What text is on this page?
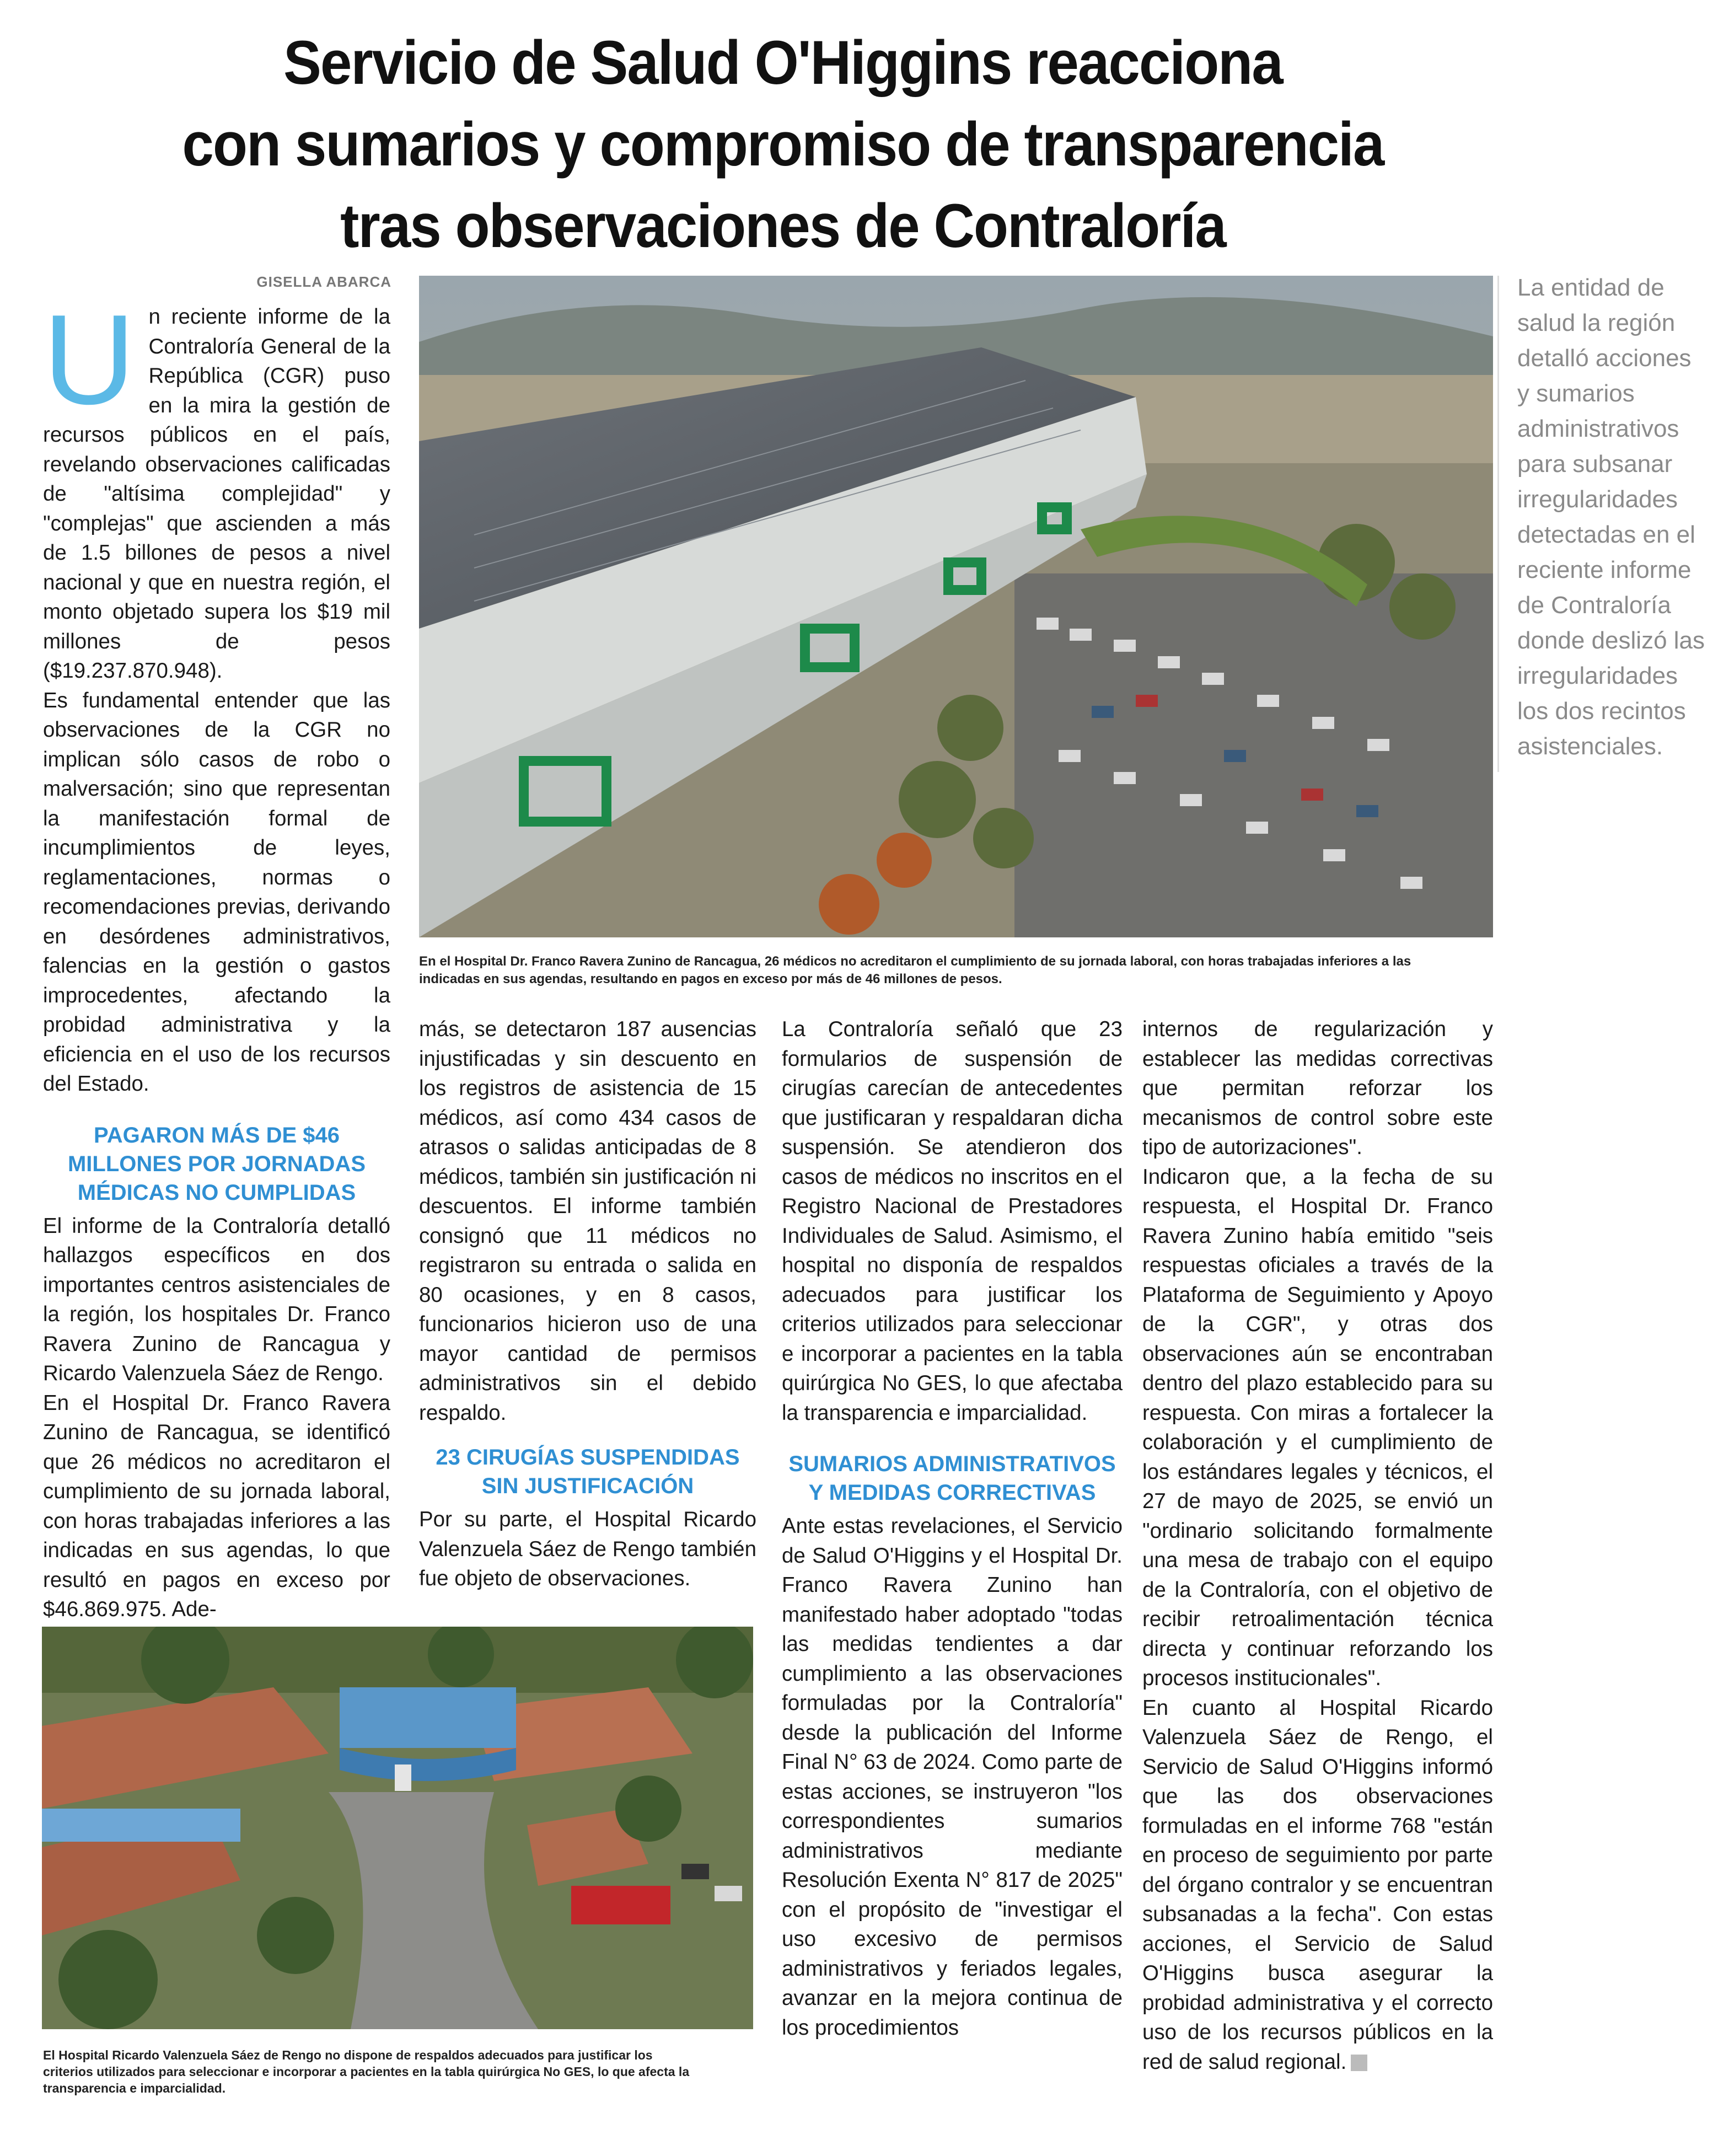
Servicio de Salud O'Higgins reacciona
con sumarios y compromiso de transparencia
tras observaciones de Contraloría
GISELLA ABARCA
En el Hospital Dr. Franco Ravera Zunino de Rancagua, 26 médicos no acreditaron el cumplimiento de su jornada laboral, con horas trabajadas inferiores a las indicadas en sus agendas, resultando en pagos en exceso por más de 46 millones de pesos.
La entidad de salud la región detalló acciones y sumarios administrativos para subsanar irregularidades detectadas en el reciente informe de Contraloría donde deslizó las irregularidades los dos recintos asistenciales.
U n reciente informe de la Contraloría General de la República (CGR) puso en la mira la gestión de recursos públicos en el país, revelando observaciones calificadas de "altísima complejidad" y "complejas" que ascienden a más de 1.5 billones de pesos a nivel nacional y que en nuestra región, el monto objetado supera los $19 mil millones de pesos ($19.237.870.948).

Es fundamental entender que las observaciones de la CGR no implican sólo casos de robo o malversación; sino que representan la manifestación formal de incumplimientos de leyes, reglamentaciones, normas o recomendaciones previas, derivando en desórdenes administrativos, falencias en la gestión o gastos improcedentes, afectando la probidad administrativa y la eficiencia en el uso de los recursos del Estado.

PAGARON MÁS DE $46 MILLONES POR JORNADAS MÉDICAS NO CUMPLIDAS

El informe de la Contraloría detalló hallazgos específicos en dos importantes centros asistenciales de la región, los hospitales Dr. Franco Ravera Zunino de Rancagua y Ricardo Valenzuela Sáez de Rengo.

En el Hospital Dr. Franco Ravera Zunino de Rancagua, se identificó que 26 médicos no acreditaron el cumplimiento de su jornada laboral, con horas trabajadas inferiores a las indicadas en sus agendas, lo que resultó en pagos en exceso por $46.869.975. Ade-

más, se detectaron 187 ausencias injustificadas y sin descuento en los registros de asistencia de 15 médicos, así como 434 casos de atrasos o salidas anticipadas de 8 médicos, también sin justificación ni descuentos. El informe también consignó que 11 médicos no registraron su entrada o salida en 80 ocasiones, y en 8 casos, funcionarios hicieron uso de una mayor cantidad de permisos administrativos sin el debido respaldo.

23 CIRUGÍAS SUSPENDIDAS SIN JUSTIFICACIÓN

Por su parte, el Hospital Ricardo Valenzuela Sáez de Rengo también fue objeto de observaciones.

La Contraloría señaló que 23 formularios de suspensión de cirugías carecían de antecedentes que justificaran y respaldaran dicha suspensión. Se atendieron dos casos de médicos no inscritos en el Registro Nacional de Prestadores Individuales de Salud. Asimismo, el hospital no disponía de respaldos adecuados para justificar los criterios utilizados para seleccionar e incorporar a pacientes en la tabla quirúrgica No GES, lo que afectaba la transparencia e imparcialidad.

SUMARIOS ADMINISTRATIVOS Y MEDIDAS CORRECTIVAS

Ante estas revelaciones, el Servicio de Salud O'Higgins y el Hospital Dr. Franco Ravera Zunino han manifestado haber adoptado "todas las medidas tendientes a dar cumplimiento a las observaciones formuladas por la Contraloría" desde la publicación del Informe Final N° 63 de 2024. Como parte de estas acciones, se instruyeron "los correspondientes sumarios administrativos mediante Resolución Exenta N° 817 de 2025" con el propósito de "investigar el uso excesivo de permisos administrativos y feriados legales, avanzar en la mejora continua de los procedimientos

internos de regularización y establecer las medidas correctivas que permitan reforzar los mecanismos de control sobre este tipo de autorizaciones".

Indicaron que, a la fecha de su respuesta, el Hospital Dr. Franco Ravera Zunino había emitido "seis respuestas oficiales a través de la Plataforma de Seguimiento y Apoyo de la CGR", y otras dos observaciones aún se encontraban dentro del plazo establecido para su respuesta. Con miras a fortalecer la colaboración y el cumplimiento de los estándares legales y técnicos, el 27 de mayo de 2025, se envió un "ordinario solicitando formalmente una mesa de trabajo con el equipo de la Contraloría, con el objetivo de recibir retroalimentación técnica directa y continuar reforzando los procesos institucionales".

En cuanto al Hospital Ricardo Valenzuela Sáez de Rengo, el Servicio de Salud O'Higgins informó que las dos observaciones formuladas en el informe 768 "están en proceso de seguimiento por parte del órgano contralor y se encuentran subsanadas a la fecha". Con estas acciones, el Servicio de Salud O'Higgins busca asegurar la probidad administrativa y el correcto uso de los recursos públicos en la red de salud regional.

El Hospital Ricardo Valenzuela Sáez de Rengo no dispone de respaldos adecuados para justificar los criterios utilizados para seleccionar e incorporar a pacientes en la tabla quirúrgica No GES, lo que afecta la transparencia e imparcialidad.
